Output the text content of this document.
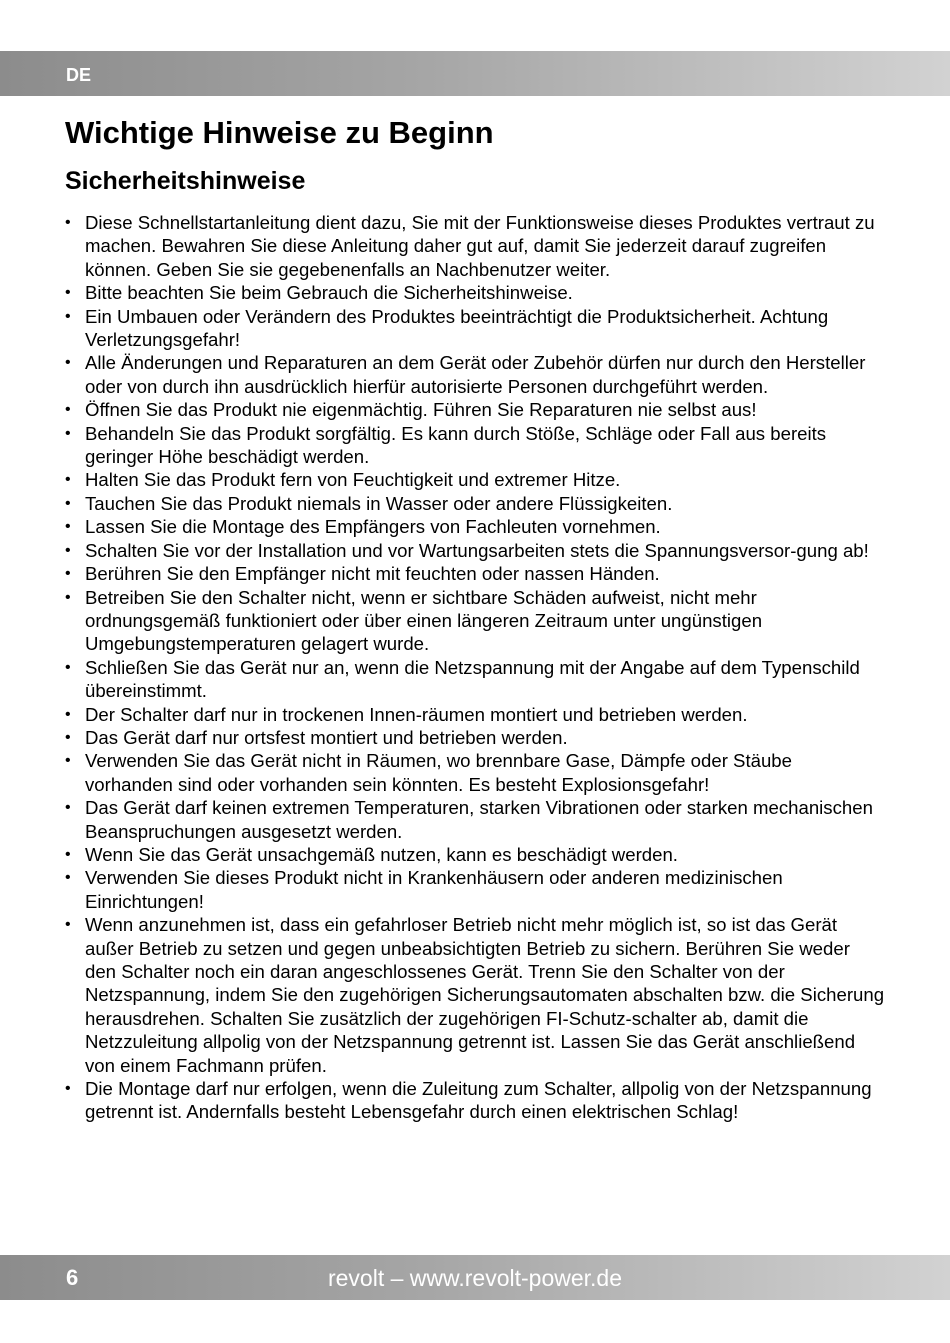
DE
Wichtige Hinweise zu Beginn
Sicherheitshinweise
• Diese Schnellstartanleitung dient dazu, Sie mit der Funktionsweise dieses Produktes vertraut zu machen. Bewahren Sie diese Anleitung daher gut auf, damit Sie jederzeit darauf zugreifen können. Geben Sie sie gegebenenfalls an Nachbenutzer weiter.
• Bitte beachten Sie beim Gebrauch die Sicherheitshinweise.
• Ein Umbauen oder Verändern des Produktes beeinträchtigt die Produktsicherheit. Achtung Verletzungsgefahr!
• Alle Änderungen und Reparaturen an dem Gerät oder Zubehör dürfen nur durch den Hersteller oder von durch ihn ausdrücklich hierfür autorisierte Personen durchgeführt werden.
• Öffnen Sie das Produkt nie eigenmächtig. Führen Sie Reparaturen nie selbst aus!
• Behandeln Sie das Produkt sorgfältig. Es kann durch Stöße, Schläge oder Fall aus bereits geringer Höhe beschädigt werden.
• Halten Sie das Produkt fern von Feuchtigkeit und extremer Hitze.
• Tauchen Sie das Produkt niemals in Wasser oder andere Flüssigkeiten.
• Lassen Sie die Montage des Empfängers von Fachleuten vornehmen.
• Schalten Sie vor der Installation und vor Wartungsarbeiten stets die Spannungsversor-gung ab!
• Berühren Sie den Empfänger nicht mit feuchten oder nassen Händen.
• Betreiben Sie den Schalter nicht, wenn er sichtbare Schäden aufweist, nicht mehr ordnungsgemäß funktioniert oder über einen längeren Zeitraum unter ungünstigen Umgebungstemperaturen gelagert wurde.
• Schließen Sie das Gerät nur an, wenn die Netzspannung mit der Angabe auf dem Typenschild übereinstimmt.
• Der Schalter darf nur in trockenen Innen-räumen montiert und betrieben werden.
• Das Gerät darf nur ortsfest montiert und betrieben werden.
• Verwenden Sie das Gerät nicht in Räumen, wo brennbare Gase, Dämpfe oder Stäube vorhanden sind oder vorhanden sein könnten. Es besteht Explosionsgefahr!
• Das Gerät darf keinen extremen Temperaturen, starken Vibrationen oder starken mechanischen Beanspruchungen ausgesetzt werden.
• Wenn Sie das Gerät unsachgemäß nutzen, kann es beschädigt werden.
• Verwenden Sie dieses Produkt nicht in Krankenhäusern oder anderen medizinischen Einrichtungen!
• Wenn anzunehmen ist, dass ein gefahrloser Betrieb nicht mehr möglich ist, so ist das Gerät außer Betrieb zu setzen und gegen unbeabsichtigten Betrieb zu sichern. Berühren Sie weder den Schalter noch ein daran angeschlossenes Gerät. Trenn Sie den Schalter von der Netzspannung, indem Sie den zugehörigen Sicherungsautomaten abschalten bzw. die Sicherung herausdrehen. Schalten Sie zusätzlich der zugehörigen FI-Schutz-schalter ab, damit die Netzzuleitung allpolig von der Netzspannung getrennt ist. Lassen Sie das Gerät anschließend von einem Fachmann prüfen.
• Die Montage darf nur erfolgen, wenn die Zuleitung zum Schalter, allpolig von der Netzspannung getrennt ist. Andernfalls besteht Lebensgefahr durch einen elektrischen Schlag!
6	revolt – www.revolt-power.de
